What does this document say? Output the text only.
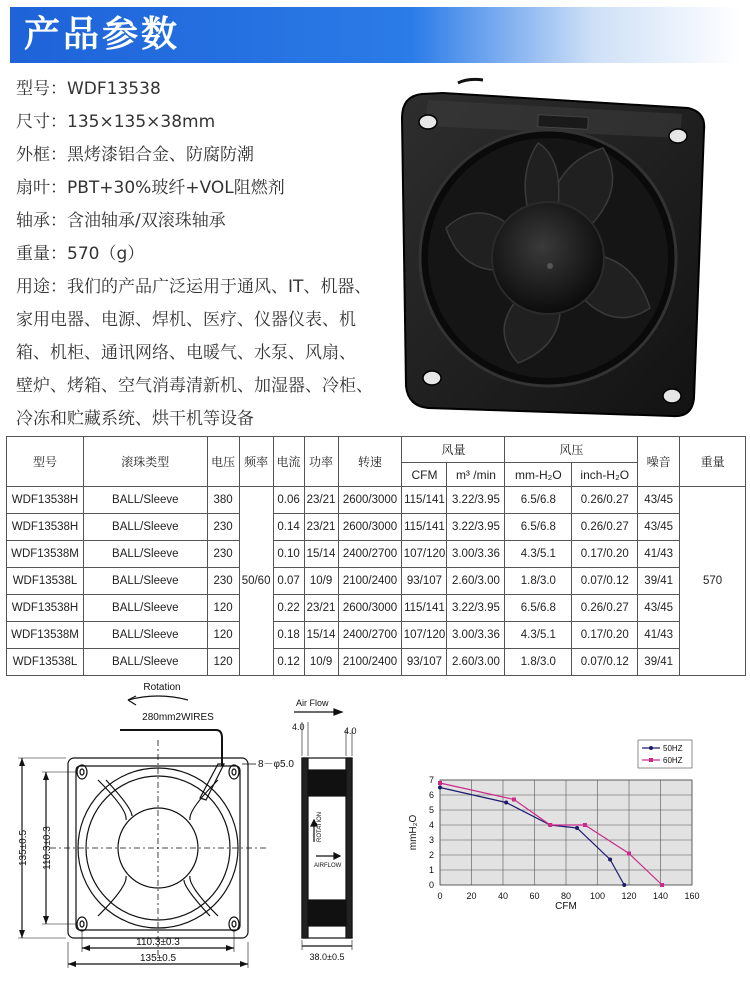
产品参数
型号：WDF13538
尺寸：135×135×38mm
外框：黑烤漆铝合金、防腐防潮
扇叶：PBT+30%玻纤+VOL阻燃剂
轴承：含油轴承/双滚珠轴承
重量：570（g）
用途：我们的产品广泛运用于通风、IT、机器、
家用电器、电源、焊机、医疗、仪器仪表、机
箱、机柜、通讯网络、电暖气、水泵、风扇、
壁炉、烤箱、空气消毒清新机、加湿器、冷柜、
冷冻和贮藏系统、烘干机等设备
型号	滚珠类型	电压	频率	电流	功率	转速	风量		风压		噪音	重量
							CFM	m³ /min	mm-H₂O	inch-H₂O		
WDF13538H	BALL/Sleeve	380	50/60	0.06	23/21	2600/3000	115/141	3.22/3.95	6.5/6.8	0.26/0.27	43/45	570
WDF13538H	BALL/Sleeve	230		0.14	23/21	2600/3000	115/141	3.22/3.95	6.5/6.8	0.26/0.27	43/45	
WDF13538M	BALL/Sleeve	230		0.10	15/14	2400/2700	107/120	3.00/3.36	4.3/5.1	0.17/0.20	41/43	
WDF13538L	BALL/Sleeve	230		0.07	10/9	2100/2400	93/107	2.60/3.00	1.8/3.0	0.07/0.12	39/41	
WDF13538H	BALL/Sleeve	120		0.22	23/21	2600/3000	115/141	3.22/3.95	6.5/6.8	0.26/0.27	43/45	
WDF13538M	BALL/Sleeve	120		0.18	15/14	2400/2700	107/120	3.00/3.36	4.3/5.1	0.17/0.20	41/43	
WDF13538L	BALL/Sleeve	120		0.12	10/9	2100/2400	93/107	2.60/3.00	1.8/3.0	0.07/0.12	39/41	
Rotation
280mm2WIRES
8－φ5.0
135±0.5 110.3±0.3
110.3±0.3
135±0.5
Air Flow
4.0	4.0
ROTATION
AIRFLOW
38.0±0.5
0	20 40 60 80 100 120 140 160
0
1
2
3
4
5
6
7
50HZ
60HZ
CFM
mmH₂O
